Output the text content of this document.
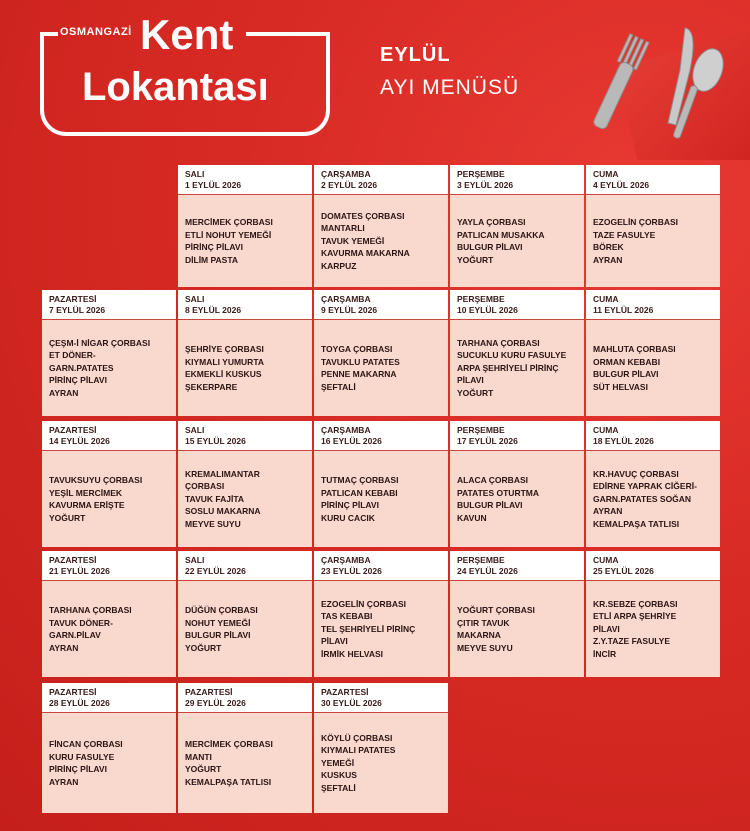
OSMANGAZİ Kent
Lokantası
EYLÜL
AYI MENÜSÜ
SALI
1 EYLÜL 2026
MERCİMEK ÇORBASI
ETLİ NOHUT YEMEĞİ
PİRİNÇ PİLAVI
DİLİM PASTA
ÇARŞAMBA
2 EYLÜL 2026
DOMATES ÇORBASI
MANTARLI
TAVUK YEMEĞİ
KAVURMA MAKARNA
KARPUZ
PERŞEMBE
3 EYLÜL 2026
YAYLA ÇORBASI
PATLICAN MUSAKKA
BULGUR PİLAVI
YOĞURT
CUMA
4 EYLÜL 2026
EZOGELİN ÇORBASI
TAZE FASULYE
BÖREK
AYRAN
PAZARTESİ
7 EYLÜL 2026
ÇEŞM-İ NİGAR ÇORBASI
ET DÖNER-
GARN.PATATES
PİRİNÇ PİLAVI
AYRAN
SALI
8 EYLÜL 2026
ŞEHRİYE ÇORBASI
KIYMALI YUMURTA
EKMEKLİ KUSKUS
ŞEKERPARE
ÇARŞAMBA
9 EYLÜL 2026
TOYGA ÇORBASI
TAVUKLU PATATES
PENNE MAKARNA
ŞEFTALİ
PERŞEMBE
10 EYLÜL 2026
TARHANA ÇORBASI
SUCUKLU KURU FASULYE
ARPA ŞEHRİYELİ PİRİNÇ
PİLAVI
YOĞURT
CUMA
11 EYLÜL 2026
MAHLUTA ÇORBASI
ORMAN KEBABI
BULGUR PİLAVI
SÜT HELVASI
PAZARTESİ
14 EYLÜL 2026
TAVUKSUYU ÇORBASI
YEŞİL MERCİMEK
KAVURMA ERİŞTE
YOĞURT
SALI
15 EYLÜL 2026
KREMALIMANTAR
ÇORBASI
TAVUK FAJİTA
SOSLU MAKARNA
MEYVE SUYU
ÇARŞAMBA
16 EYLÜL 2026
TUTMAÇ ÇORBASI
PATLICAN KEBABI
PİRİNÇ PİLAVI
KURU CACIK
PERŞEMBE
17 EYLÜL 2026
ALACA ÇORBASI
PATATES OTURTMA
BULGUR PİLAVI
KAVUN
CUMA
18 EYLÜL 2026
KR.HAVUÇ ÇORBASI
EDİRNE YAPRAK CİĞERİ-
GARN.PATATES SOĞAN
AYRAN
KEMALPAŞA TATLISI
PAZARTESİ
21 EYLÜL 2026
TARHANA ÇORBASI
TAVUK DÖNER-
GARN.PİLAV
AYRAN
SALI
22 EYLÜL 2026
DÜĞÜN ÇORBASI
NOHUT YEMEĞİ
BULGUR PİLAVI
YOĞURT
ÇARŞAMBA
23 EYLÜL 2026
EZOGELİN ÇORBASI
TAS KEBABI
TEL ŞEHRİYELİ PİRİNÇ
PİLAVI
İRMİK HELVASI
PERŞEMBE
24 EYLÜL 2026
YOĞURT ÇORBASI
ÇITIR TAVUK
MAKARNA
MEYVE SUYU
CUMA
25 EYLÜL 2026
KR.SEBZE ÇORBASI
ETLİ ARPA ŞEHRİYE
PİLAVI
Z.Y.TAZE FASULYE
İNCİR
PAZARTESİ
28 EYLÜL 2026
FİNCAN ÇORBASI
KURU FASULYE
PİRİNÇ PİLAVI
AYRAN
PAZARTESİ
29 EYLÜL 2026
MERCİMEK ÇORBASI
MANTI
YOĞURT
KEMALPAŞA TATLISI
PAZARTESİ
30 EYLÜL 2026
KÖYLÜ ÇORBASI
KIYMALI PATATES
YEMEĞİ
KUSKUS
ŞEFTALİ
